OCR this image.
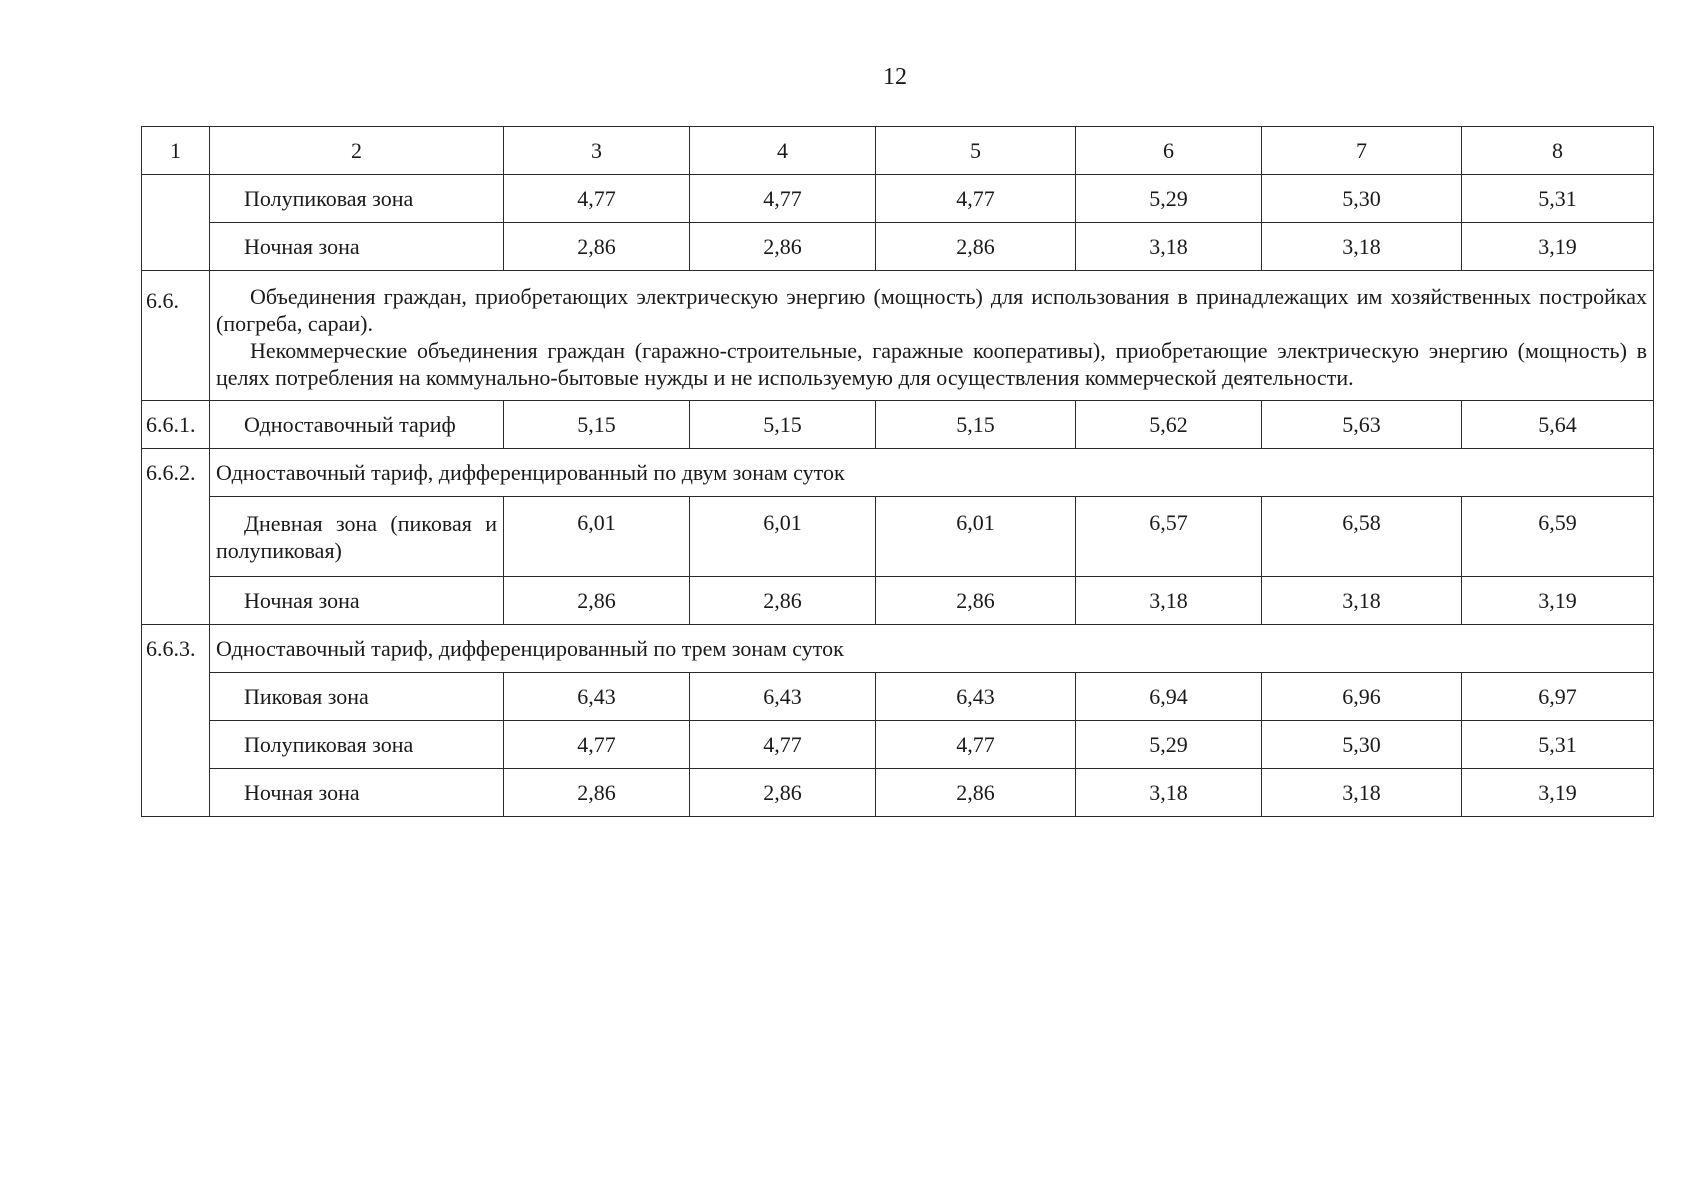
12
1	2	3	4	5	6	7	8
	Полупиковая зона	4,77	4,77	4,77	5,29	5,30	5,31
	Ночная зона	2,86	2,86	2,86	3,18	3,18	3,19
6.6.	Объединения граждан, приобретающих электрическую энергию (мощность) для использования в принадлежащих им хозяйственных постройках (погреба, сараи).

Некоммерческие объединения граждан (гаражно-строительные, гаражные кооперативы), приобретающие электрическую энергию (мощность) в целях потребления на коммунально-бытовые нужды и не используемую для осуществления коммерческой деятельности.						

6.6.1.	Одноставочный тариф	5,15	5,15	5,15	5,62	5,63	5,64
6.6.2.	Одноставочный тариф, дифференцированный по двум зонам суток						
	Дневная зона (пиковая и полупиковая)	6,01	6,01	6,01	6,57	6,58	6,59
	Ночная зона	2,86	2,86	2,86	3,18	3,18	3,19
6.6.3.	Одноставочный тариф, дифференцированный по трем зонам суток						
	Пиковая зона	6,43	6,43	6,43	6,94	6,96	6,97
	Полупиковая зона	4,77	4,77	4,77	5,29	5,30	5,31
	Ночная зона	2,86	2,86	2,86	3,18	3,18	3,19
